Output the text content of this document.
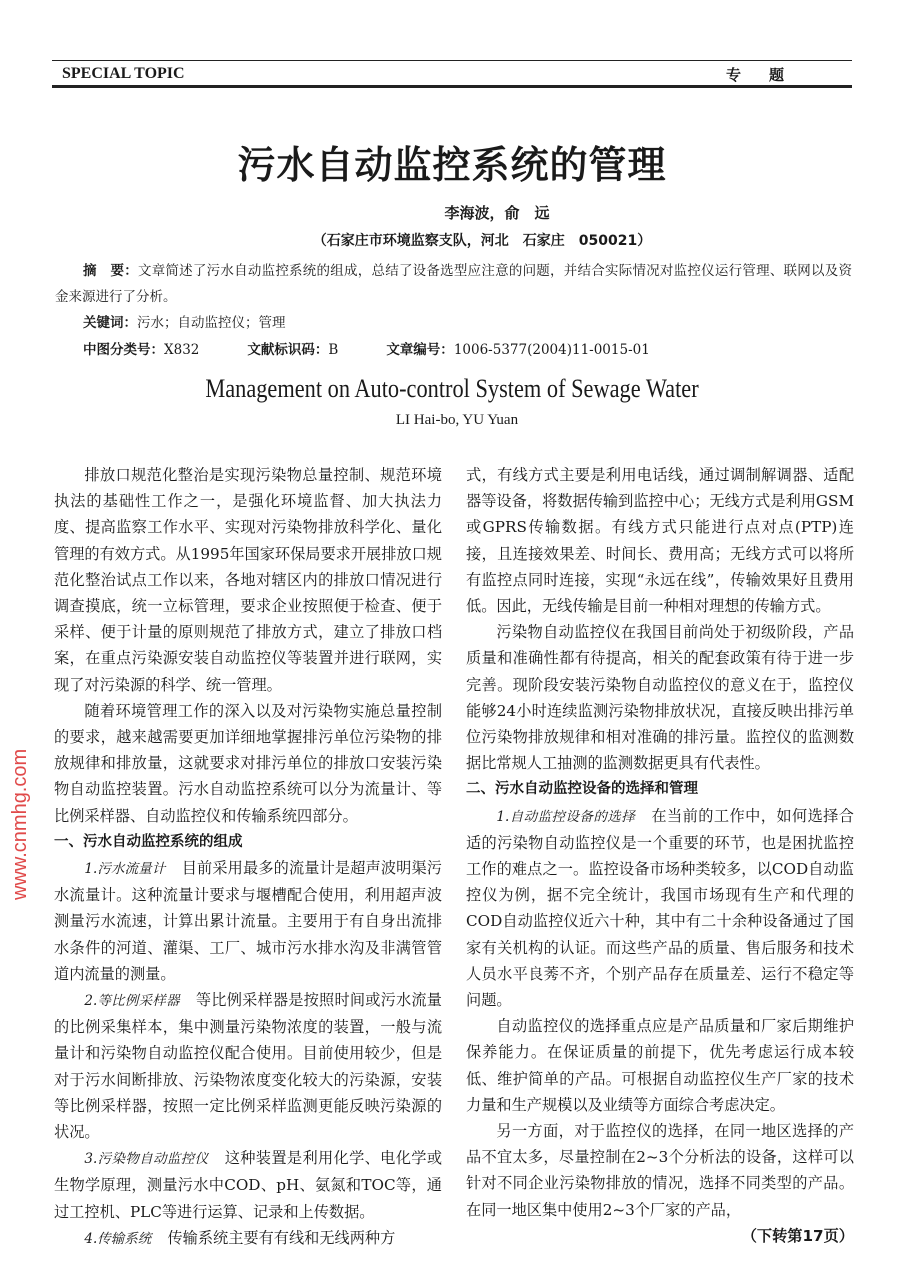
SPECIAL TOPIC	专题
污水自动监控系统的管理
李海波，俞　远
（石家庄市环境监察支队，河北　石家庄　050021）
摘　要：文章简述了污水自动监控系统的组成，总结了设备选型应注意的问题，并结合实际情况对监控仪运行管理、联网以及资金来源进行了分析。
关键词：污水；自动监控仪；管理
中图分类号：X832	文献标识码：B	文章编号：1006-5377(2004)11-0015-01
Management on Auto-control System of Sewage Water
LI Hai-bo, YU Yuan

排放口规范化整治是实现污染物总量控制、规范环境执法的基础性工作之一，是强化环境监督、加大执法力度、提高监察工作水平、实现对污染物排放科学化、量化管理的有效方式。从1995年国家环保局要求开展排放口规范化整治试点工作以来，各地对辖区内的排放口情况进行调查摸底，统一立标管理，要求企业按照便于检查、便于采样、便于计量的原则规范了排放方式，建立了排放口档案，在重点污染源安装自动监控仪等装置并进行联网，实现了对污染源的科学、统一管理。

随着环境管理工作的深入以及对污染物实施总量控制的要求，越来越需要更加详细地掌握排污单位污染物的排放规律和排放量，这就要求对排污单位的排放口安装污染物自动监控装置。污水自动监控系统可以分为流量计、等比例采样器、自动监控仪和传输系统四部分。

一、污水自动监控系统的组成

1.污水流量计 目前采用最多的流量计是超声波明渠污水流量计。这种流量计要求与堰槽配合使用，利用超声波测量污水流速，计算出累计流量。主要用于有自身出流排水条件的河道、灌渠、工厂、城市污水排水沟及非满管管道内流量的测量。

2.等比例采样器 等比例采样器是按照时间或污水流量的比例采集样本，集中测量污染物浓度的装置，一般与流量计和污染物自动监控仪配合使用。目前使用较少，但是对于污水间断排放、污染物浓度变化较大的污染源，安装等比例采样器，按照一定比例采样监测更能反映污染源的状况。

3.污染物自动监控仪 这种装置是利用化学、电化学或生物学原理，测量污水中COD、pH、氨氮和TOC等，通过工控机、PLC等进行运算、记录和上传数据。

4.传输系统 传输系统主要有有线和无线两种方

式，有线方式主要是利用电话线，通过调制解调器、适配器等设备，将数据传输到监控中心；无线方式是利用GSM或GPRS传输数据。有线方式只能进行点对点(PTP)连接，且连接效果差、时间长、费用高；无线方式可以将所有监控点同时连接，实现“永远在线”，传输效果好且费用低。因此，无线传输是目前一种相对理想的传输方式。

污染物自动监控仪在我国目前尚处于初级阶段，产品质量和准确性都有待提高，相关的配套政策有待于进一步完善。现阶段安装污染物自动监控仪的意义在于，监控仪能够24小时连续监测污染物排放状况，直接反映出排污单位污染物排放规律和相对准确的排污量。监控仪的监测数据比常规人工抽测的监测数据更具有代表性。

二、污水自动监控设备的选择和管理

1.自动监控设备的选择 在当前的工作中，如何选择合适的污染物自动监控仪是一个重要的环节，也是困扰监控工作的难点之一。监控设备市场种类较多，以COD自动监控仪为例，据不完全统计，我国市场现有生产和代理的COD自动监控仪近六十种，其中有二十余种设备通过了国家有关机构的认证。而这些产品的质量、售后服务和技术人员水平良莠不齐，个别产品存在质量差、运行不稳定等问题。

自动监控仪的选择重点应是产品质量和厂家后期维护保养能力。在保证质量的前提下，优先考虑运行成本较低、维护简单的产品。可根据自动监控仪生产厂家的技术力量和生产规模以及业绩等方面综合考虑决定。

另一方面，对于监控仪的选择，在同一地区选择的产品不宜太多，尽量控制在2~3个分析法的设备，这样可以针对不同企业污染物排放的情况，选择不同类型的产品。在同一地区集中使用2~3个厂家的产品，
（下转第17页）

www.cnmhg.com
